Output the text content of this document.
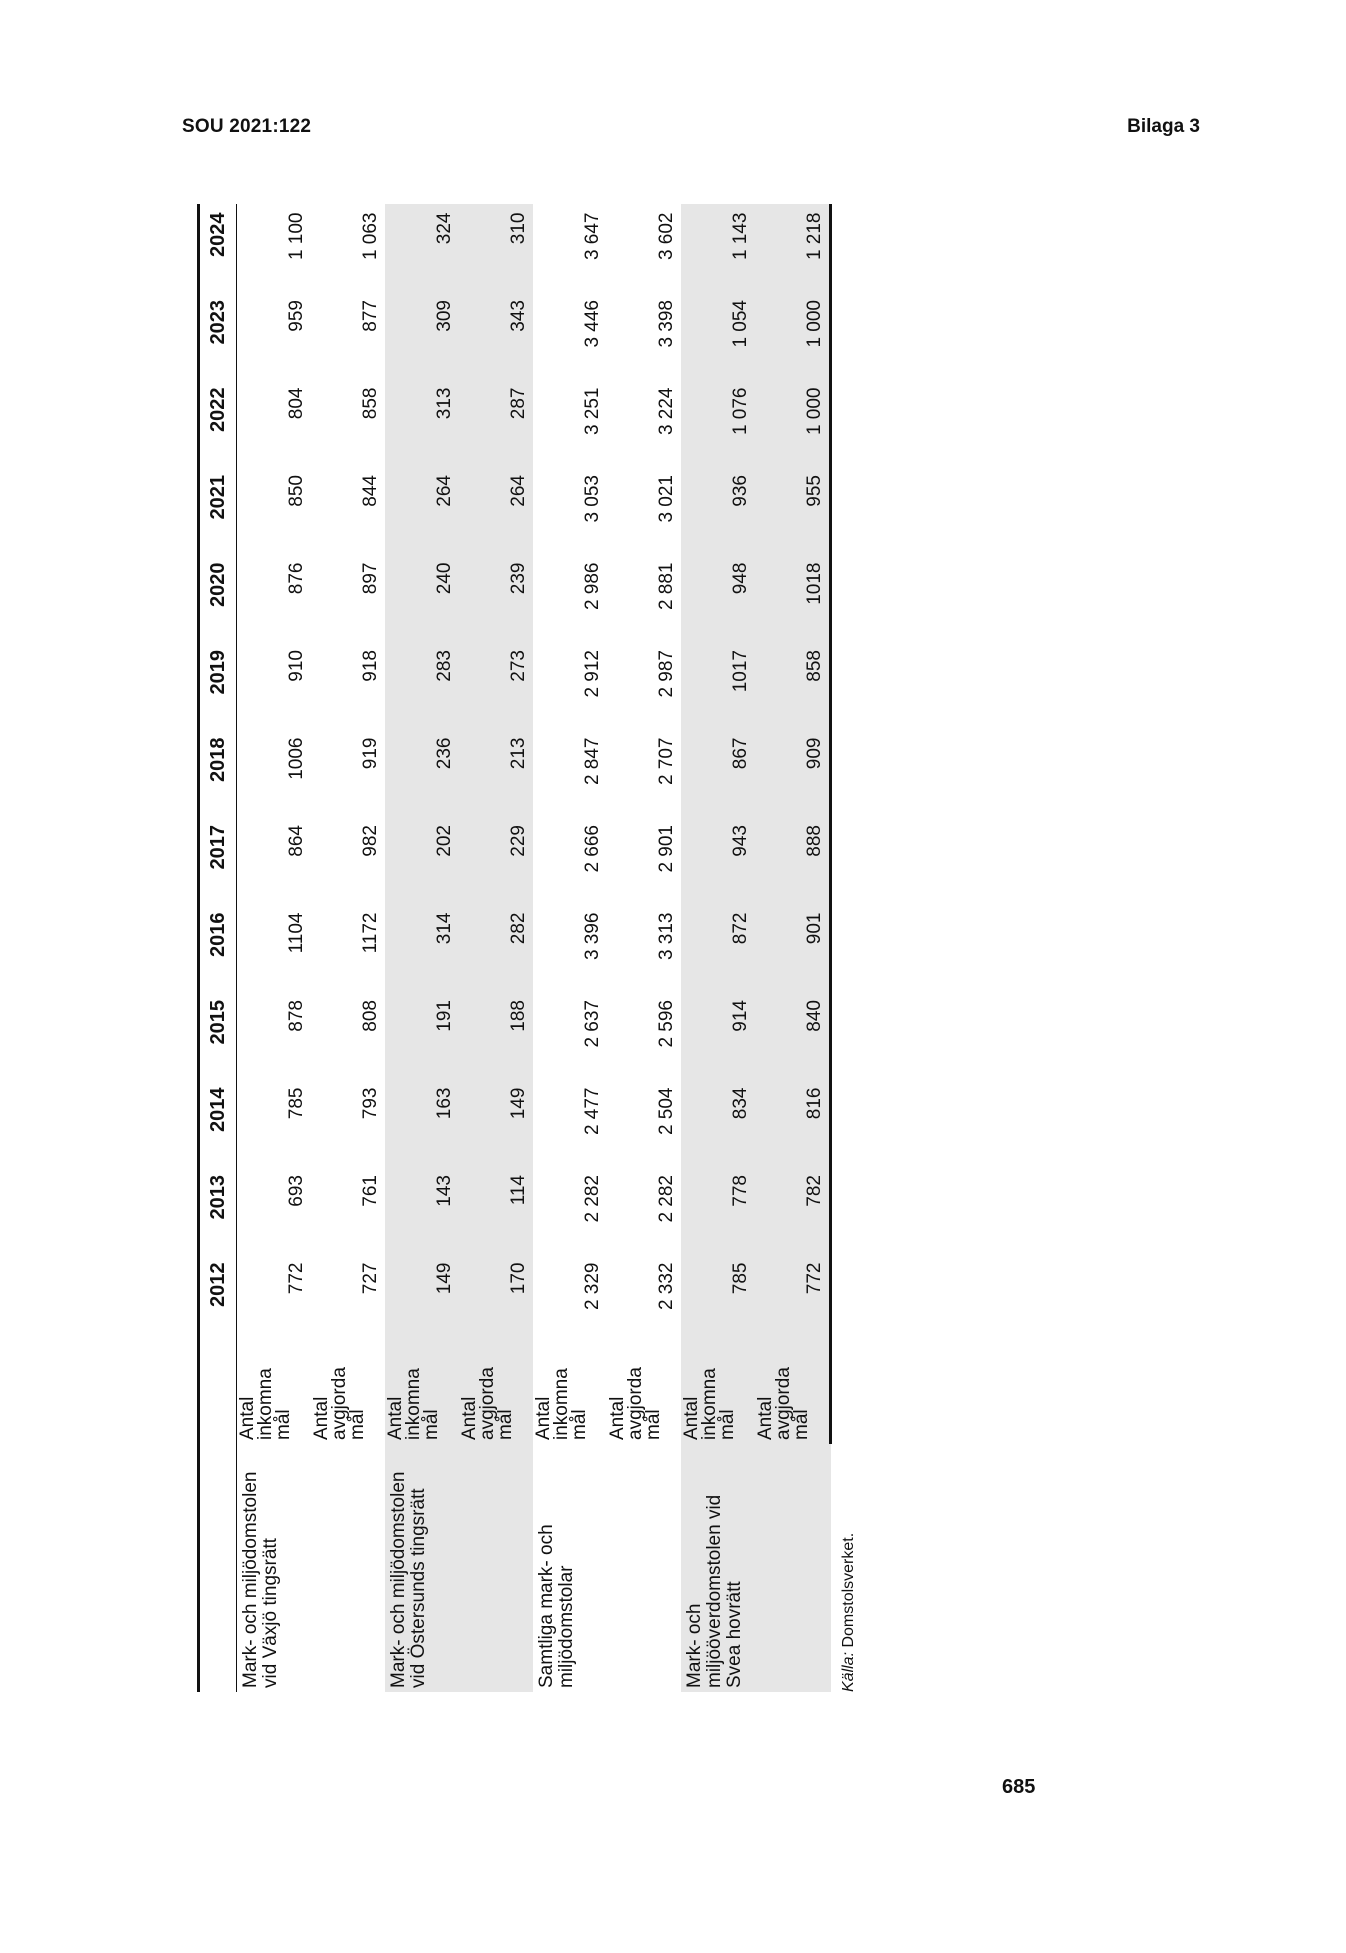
SOU 2021:122	Bilaga 3
		2012	2013	2014	2015	2016	2017	2018	2019	2020	2021	2022	2023	2024
Mark- och miljödomstolen vid Växjö tingsrätt	Antal inkomna mål	772	693	785	878	1104	864	1006	910	876	850	804	959	1 100
	Antal avgjorda mål	727	761	793	808	1172	982	919	918	897	844	858	877	1 063
Mark- och miljödomstolen vid Östersunds tingsrätt	Antal inkomna mål	149	143	163	191	314	202	236	283	240	264	313	309	324
	Antal avgjorda mål	170	114	149	188	282	229	213	273	239	264	287	343	310
Samtliga mark- och miljödomstolar	Antal inkomna mål	2 329	2 282	2 477	2 637	3 396	2 666	2 847	2 912	2 986	3 053	3 251	3 446	3 647
	Antal avgjorda mål	2 332	2 282	2 504	2 596	3 313	2 901	2 707	2 987	2 881	3 021	3 224	3 398	3 602
Mark- och miljööverdomstolen vid Svea hovrätt	Antal inkomna mål	785	778	834	914	872	943	867	1017	948	936	1 076	1 054	1 143
	Antal avgjorda mål	772	782	816	840	901	888	909	858	1018	955	1 000	1 000	1 218
Källa: Domstolsverket.
685
